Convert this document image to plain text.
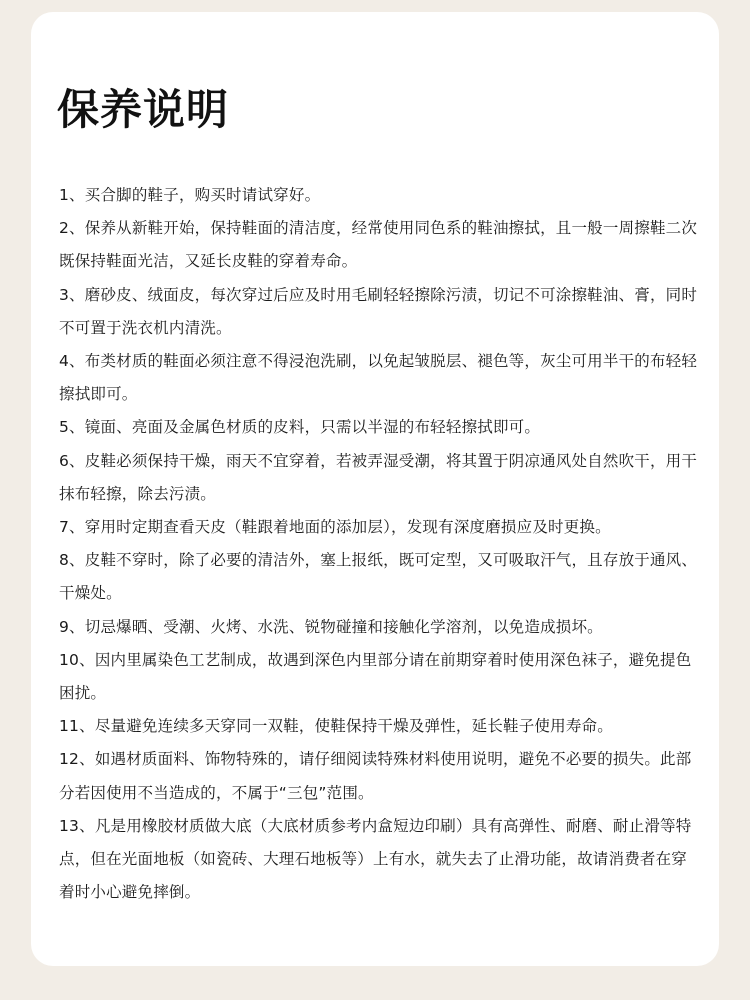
保养说明
1、买合脚的鞋子，购买时请试穿好。
2、保养从新鞋开始，保持鞋面的清洁度，经常使用同色系的鞋油擦拭，且一般一周擦鞋二次既保持鞋面光洁，又延长皮鞋的穿着寿命。
3、磨砂皮、绒面皮，每次穿过后应及时用毛刷轻轻擦除污渍，切记不可涂擦鞋油、膏，同时不可置于洗衣机内清洗。
4、布类材质的鞋面必须注意不得浸泡洗刷，以免起皱脱层、褪色等，灰尘可用半干的布轻轻擦拭即可。
5、镜面、亮面及金属色材质的皮料，只需以半湿的布轻轻擦拭即可。
6、皮鞋必须保持干燥，雨天不宜穿着，若被弄湿受潮，将其置于阴凉通风处自然吹干，用干抹布轻擦，除去污渍。
7、穿用时定期查看天皮（鞋跟着地面的添加层），发现有深度磨损应及时更换。
8、皮鞋不穿时，除了必要的清洁外，塞上报纸，既可定型，又可吸取汗气，且存放于通风、干燥处。
9、切忌爆晒、受潮、火烤、水洗、锐物碰撞和接触化学溶剂，以免造成损坏。
10、因内里属染色工艺制成，故遇到深色内里部分请在前期穿着时使用深色袜子，避免提色困扰。
11、尽量避免连续多天穿同一双鞋，使鞋保持干燥及弹性，延长鞋子使用寿命。
12、如遇材质面料、饰物特殊的，请仔细阅读特殊材料使用说明，避免不必要的损失。此部分若因使用不当造成的，不属于“三包”范围。
13、凡是用橡胶材质做大底（大底材质参考内盒短边印刷）具有高弹性、耐磨、耐止滑等特点，但在光面地板（如瓷砖、大理石地板等）上有水，就失去了止滑功能，故请消费者在穿着时小心避免摔倒。
